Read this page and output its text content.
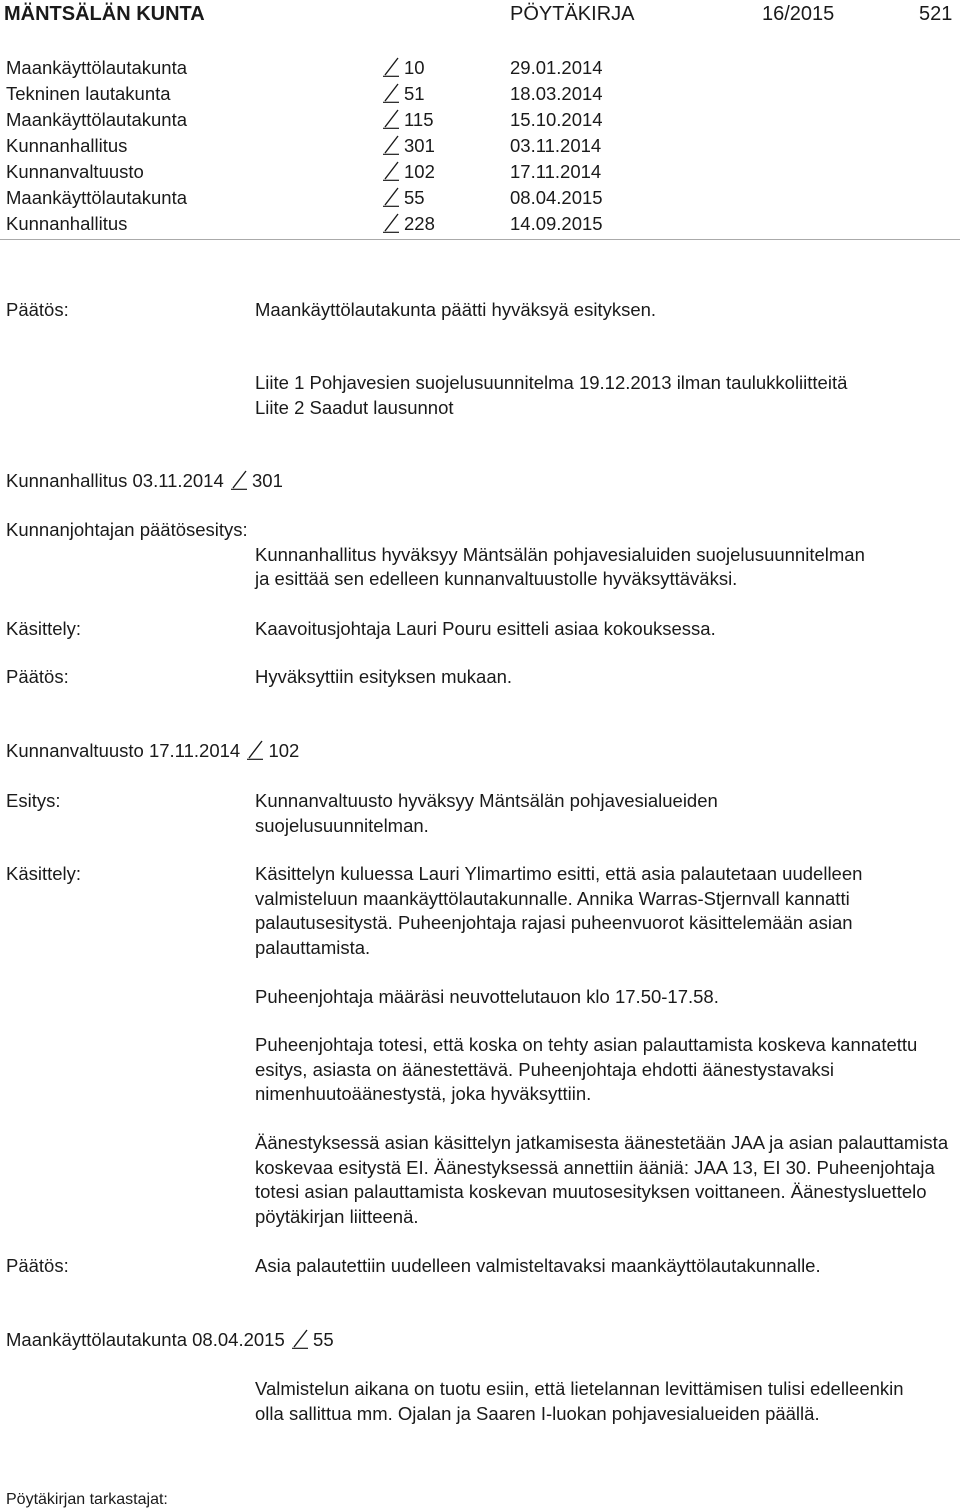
MÄNTSÄLÄN KUNTA	PÖYTÄKIRJA	16/2015	521
Maankäyttölautakunta	10	29.01.2014
Tekninen lautakunta	51	18.03.2014
Maankäyttölautakunta	115	15.10.2014
Kunnanhallitus	301	03.11.2014
Kunnanvaltuusto	102	17.11.2014
Maankäyttölautakunta	55	08.04.2015
Kunnanhallitus	228	14.09.2015
Päätös:	Maankäyttölautakunta päätti hyväksyä esityksen.
Liite 1 Pohjavesien suojelusuunnitelma 19.12.2013 ilman taulukkoliitteitä
Liite 2 Saadut lausunnot
Kunnanhallitus 03.11.2014 301
Kunnanjohtajan päätösesitys:
Kunnanhallitus hyväksyy Mäntsälän pohjavesialuiden suojelusuunnitelman
ja esittää sen edelleen kunnanvaltuustolle hyväksyttäväksi.
Käsittely:	Kaavoitusjohtaja Lauri Pouru esitteli asiaa kokouksessa.
Päätös:	Hyväksyttiin esityksen mukaan.
Kunnanvaltuusto 17.11.2014 102
Esitys:	Kunnanvaltuusto hyväksyy Mäntsälän pohjavesialueiden suojelusuunnitelman.

Käsittely:	Käsittelyn kuluessa Lauri Ylimartimo esitti, että asia palautetaan uudelleen valmisteluun maankäyttölautakunnalle. Annika Warras-Stjernvall kannatti palautusesitystä. Puheenjohtaja rajasi puheenvuorot käsittelemään asian palauttamista.

Puheenjohtaja määräsi neuvottelutauon klo 17.50-17.58.

Puheenjohtaja totesi, että koska on tehty asian palauttamista koskeva kannatettu esitys, asiasta on äänestettävä. Puheenjohtaja ehdotti äänestystavaksi nimenhuutoäänestystä, joka hyväksyttiin.

Äänestyksessä asian käsittelyn jatkamisesta äänestetään JAA ja asian palauttamista koskevaa esitystä EI. Äänestyksessä annettiin ääniä: JAA 13, EI 30. Puheenjohtaja totesi asian palauttamista koskevan muutosesityksen voittaneen. Äänestysluettelo pöytäkirjan liitteenä.

Päätös:	Asia palautettiin uudelleen valmisteltavaksi maankäyttölautakunnalle.
Maankäyttölautakunta 08.04.2015 55

Valmistelun aikana on tuotu esiin, että lietelannan levittämisen tulisi edelleenkin olla sallittua mm. Ojalan ja Saaren I-luokan pohjavesialueiden päällä.

Pöytäkirjan tarkastajat:
